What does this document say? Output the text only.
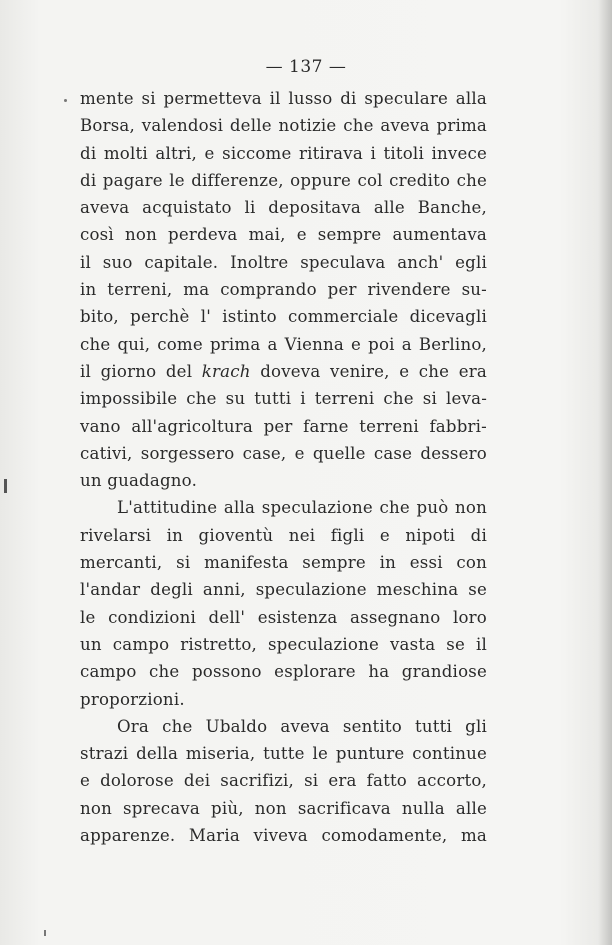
— 137 —
mente si permetteva il lusso di speculare alla
Borsa, valendosi delle notizie che aveva prima
di molti altri, e siccome ritirava i titoli invece
di pagare le differenze, oppure col credito che
aveva acquistato li depositava alle Banche,
così non perdeva mai, e sempre aumentava
il suo capitale. Inoltre speculava anch' egli
in terreni, ma comprando per rivendere su-
bito, perchè l' istinto commerciale dicevagli
che qui, come prima a Vienna e poi a Berlino,
il giorno del krach doveva venire, e che era
impossibile che su tutti i terreni che si leva-
vano all'agricoltura per farne terreni fabbri-
cativi, sorgessero case, e quelle case dessero
un guadagno.
L'attitudine alla speculazione che può non
rivelarsi in gioventù nei figli e nipoti di
mercanti, si manifesta sempre in essi con
l'andar degli anni, speculazione meschina se
le condizioni dell' esistenza assegnano loro
un campo ristretto, speculazione vasta se il
campo che possono esplorare ha grandiose
proporzioni.
Ora che Ubaldo aveva sentito tutti gli
strazi della miseria, tutte le punture continue
e dolorose dei sacrifizi, si era fatto accorto,
non sprecava più, non sacrificava nulla alle
apparenze. Maria viveva comodamente, ma
